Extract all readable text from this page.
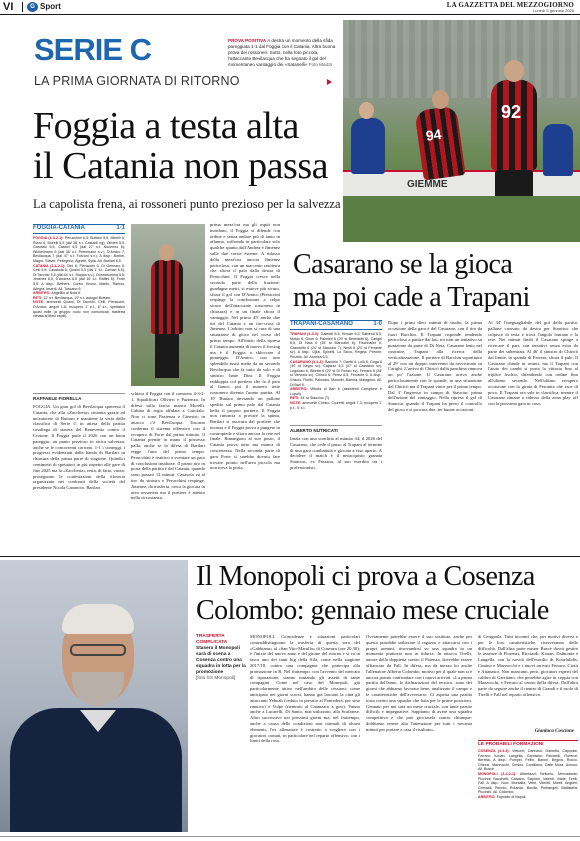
VI	G Sport	LA GAZZETTA DEL MEZZOGIORNO
Lunedì 5 gennaio 2026
SERIE C
LA PRIMA GIORNATA DI RITORNO
PROVA POSITIVA A destra un momento della sfida pareggiata 1-1 dal Foggia con il Catania. Altra buona prova dei rossoneri. Sotto, nella foto piccola, l'attaccante Bevilacqua che ha segnato il gol del momentaneo vantaggio dei «Satanelli» Foto Maizzi
GIEMME
92
94
Foggia a testa alta
il Catania non passa
La capolista frena, ai rossoneri punto prezioso per la salvezza
FOGGIA-CATANIA	1-1
FOGGIA (4-3-2-1): Perucchini 6,5; Buttaro 5,5, Minelli 6, Rizzo 6, Morelli 5,5 (dal 38' s.t. Castaldi ng); Olivieri 5,5, Garofalo 6,5, Castori 6,5 (dal 27' s.t. Nocerino 6); Winkelmann 6 (dal 38' s.t. Petermann s.v.), D'Amico 7; Bevilacqua 7 (dal 47' s.t. Forconi s.v.). A disp.: Borbei, Magro, Staver, Pellegrino, Agnelli, Sylla. All. Barilari 6,5.
CATANIA (3-4-2-1): Dini 6; Pieraccini 6, Di Gennaro 6, Celli 5,5; Casasola 6, Quaini 5,5 (dal 1' s.t. Corbari 5,5), Di Tacchio 5,5 (dal 44' s.t. Stoppa s.v.), Donnarumma 5,5; Jimenez 6,5, D'Andrea 6,5 (dal 16' s.t. Raffini 6); Forte 5,5. A disp.: Bethers, Corbo, Bruno, Martic, Ramos, Allegra, Ierardi. All. Toscano 6.
ARBITRO: Angelillo di Nola 6.
RETI: 12' s.t. Bevilacqua, 19' s.t. autogol Buttaro.
NOTE: ammoniti Quaini, Di Tacchio, Celli, Pieraccini, D'Amico; angoli 1-8; recupero 1' p.t., 6' s.t.; spettatori quasi mille (a gruppo ruolo non comunicati, trasferta vietata ai tifosi ospiti).
RAFFAELE FIORELLA
FOGGIA. Un gran gol di Bevilacqua spaventa il Catania, che alla «Zaccheria» rimonta grazie ad un'autorete di Buttaro e mantiene la vetta della classifica di Serie C in attesa della partita casalinga di stasera del Benevento contro il Crotone. Il Foggia parte il 2026 con un buon pareggio, un punto prezioso in ottica salvezza, anche se le concorrenti corrono. 1-1 i conteggi, i progressi evidenziati dalla banda di Barilari in chiusura della prima parte di stagione. Quindici centimetri di spettatori in più rispetto alle gare di fine 2025 ma la «Zaccheria» resta, di fatto, vuota: proseguono le contestazioni della tifoseria organizzata nei confronti della società del presidente Nicola Canonico. Barilari
schiera il Foggia con il consueto 4-3-2-1. Squalificati Olivieri e Pazienza. In difesa sulla fascia manca Morelli. Cabina di regia affidata a Garofalo. Non ci sono Pazienza e Ginestri; in attacco c'è Bevilacqua. Toscano conferma il sistema offensivo con il recupero di Forte dal primo minuto. Il Catania prende in mano il possesso palla, anche se la difesa di Barilari regge l'urto del primo tempo. Perucchini è reattivo a sventare un paio di conclusioni insidiose. Il primo tiro in porta della partita è del Catania, quando sono passati 12 minuti: Casasola va al tiro da sinistra e Perucchini respinge. Jimenez, da trasferta, cerca la giocata in area rossonera ma il portiere è attento nella circostanza.
prima mezz'ora ma gli ospiti non mordono, il Foggia si difende con ordine e senza andare più di tanto in affanno, soffrendo in particolare solo qualche spunto dall'Andrea e Jimenez sulle due corsie esterne. A ridosso della mezz'ora ancora Jimenez pericoloso, con un maccmio rasoterra che sfiora il palo dalla destra di Perucchini. Il Foggia cresce nella seconda parte della frazione: guadagna metri, si muove più sicuro, sfiora il gol con D'Amico (Pieraccini respinge la conclusione a colpo sicuro dell'attaccante rossonero in chiusura) e in un finale sfiora il vantaggio. Nel primo 45' anche due tiri del Catania e un tiro-cross di Jimenez. L'arbitro non si cura di una situazione di gioco nel corso del primo tempo. All'inizio della ripresa il Catania aumenta di nuovo il forcing ma è il Foggia a sbloccare il punteggio. D'Amico, con uno splendido assist mette da un secondo Bevilacqua che fa tutto da solo e di sinistro batte Dini. Il Foggia raddoppia col portiere che fa il paio al fianco, poi il numero sette rossonero diventa l'uomo partita. Al 19' Buttaro deviando un pallone spedito sul primo palo dal Catania beffa il proprio portiere. Il Foggia non rinuncia a provare la spinta, Barilari si assicura dal portiere che incassa e il Foggia prova a pungere in contropiede e sfiora ancora la rete nel finale. Rimangono al suo posto, il Catania prova tutto ma manca di concretezza. Nella seconda parte di gara Forte si sarebbe dovuto fare trovare pronto nell'area piccola ma non trova la porta.
Casarano se la gioca
ma poi cade a Trapani
TRAPANI-CASARANO	1-0
TRAPANI (4-3-3): Galeotti 6,5; Kirwan 6,5, Salvesti 6,5, Motoc 6, Giron 6; Palmieri 6 (29' st Benedetti 6), Carighi 6,5, Di Noia 6 (35' st Marcolini 6); Fischnaller 6, Grandolfo 6 (24' st Stauciuc 7), Nesti 6 (24' st Ferrante sv). A disp.: Ujka, Spinelli, Lo Sicco, Regina, Pirrone, Pinzolo. All. Aronica 6,5.
CASARANO (3-4-3): Bacchin 7; Gaetti 6, Lulli 6, Goga 6 (30' st Negro sv); Cajazzo 6,5 (37' st Cassiano sv), Logoluso 6, Billetta 6 (29' st Di Ronzo sv), Ferrara 6 (28' st Venezia sv), Chiricò 6; Perez 6,5, Ferrante 6. A disp.: Chiuco, Fiorilli, Palumbo, Mounibi, Bamba, Malagrino. All. Di Bari 6.
ARBITRO: Vittoria di Bari 6 (assistenti Campione e Lupoli).
RETI: 34' st Stauciuc (T).
NOTE: ammoniti Chirico, Ciciretti; angoli 7-3; recupero 1' p.t., 5' s.t.
ALBERTO NUTRICATI
Inizia con una sconfitta al minuto 34, il 2026 del Casarano, che cede il passo al Trapani al termine di una gara combattuta e giocata a viso aperto. A decidere il match è il neoacquisto granata Stauciuc, ex Fassano, al suo esordito tra i professionisti.
Dopo i primi dieci minuti di studio, la prima occasione della gara è del Casarano, con il tiro da fuori Bacchin. Il Trapani risponde rendendo pericoloso a partire dai lati, tra tutti un tentativo su punizione da parte di Di Noia. Casarano lento nel costruire, Trapani alla ricerca della verticalizzazione. Il portiere di Bacchin soprattutto al 29' con un doppio intervento da ravvicinato su Carighi. L'arrivo di Chiricò dalla panchina rinnova un po' l'azione. Il Casarano arriva anche pericolosamente con le sponde, in una situazione del Chiricò ma il Trapani vince per il primo tempo. Dal 3' l'ingresso in campo di Stauciuc prima dell'azione del vantaggio. Nella ripresa il gol di Stauciuc quando il Trapani ha preso il controllo del gioco e si procura due, tre buone occasioni.
Al 34' l'ineguagliabile del gol della partita: pallone crossato da destra per Stauciuc che colpisce di testa e trova l'angolo lontano e la rete. Nei minuti finali il Casarano spinge a ricercare il pari, con tentativi senza esito da parte dei subentrati. Al 46' il sinistro di Chiricò dal limite, in sponda di Ferrara, sfiora il palo. Il Casarano chiude in avanti, ma il Trapani con l'aiuto dei cambi si porta la vittoria fino al triplice fischio, difendendo con ordine fino all'ultimo secondo. Nell'ultimo recupero occasione con la girata di Ferrante che esce di poco. Il Trapani ora sale in classifica, mentre il Casarano rimane a ridosso della zona play off con la prossima gara in casa.
Il Monopoli ci prova a Cosenza
Colombo: gennaio mese cruciale
TRASFERTA COMPLICATA
Stasera il Monopoli sarà di scena a Cosenza contro una squadra in lotta per la promozione
[foto SS Monopoli]
MONOPOLI. Coincidenze e situazioni particolari contraddistinguono la trasferta di questa sera del «Gabbiano» al «San Vito-Marulla» di Cosenza (ore 20,30): è l'inizio del nuovo anno e del girone del ritorno e si va in tasca uno dei tanti big della Sila, come nella stagione 2017/18, contro una compagine che partecipa alla promozione in B. Nel frattempo, con l'avvento del mercato di riparazione, stanno mutando gli assetti di tante compagini. Come nel caso del Monopoli, già particolarmente attivo nell'ambito delle cessioni: come anticipato nei giorni scorsi, hanno già lasciato la città gli attaccanti Yeboah (ceduto in prestito al Pontedera, per sino rinnovo) e Volpe (rientrato al Catanzaro a giro). Vanno anche a Lucatelli, Di Santo, mai utilizzato, alla Scafatese. Altro successivo nei prossimi giorni ma, nel frattempo, anche a causa delle condizioni non ottimali di alcuni elementi, l'ex allenatore è costretto a scegliere con i giocatori contati, in particolare nel reparto offensivo, con i limiti della rosa.
Ovviamente potrebbe essere il suo sostituto, anche per questo potrebbe utilizzare il ragazzo e attaccarsi con i propri uomini, ritrovandosi su una squadra in un momento piuttosto non in fiducia. In attacco Tirelli, autore della doppietta contro il Potenza, dovrebbe essere affiancato da Fall. In difesa, ma da mezzo ko anche l'allenatore Alberto Colombo, motivo per il quale non si è ancora potuto confrontare con i nuovi arrivati. «La prima partita dell'anno, le dichiarazioni del tecnico: sono dei giorni che abbiamo lavorato bene, analizzato il campo e le caratteristiche dell'avversario. Ci aspetta una partita tosta contro una squadra che lotta per le prime posizioni. Gennaio per noi sarà un mese cruciale, con tante partite difficili e impegnative. Sappiamo di avere una squadra competitiva e che può giocarsela contro chiunque: dobbiamo tenere alta l'attenzione per tutti i novanta minuti per portare a casa il risultato».
di Cerignola. Tutti incontri che, per motivi diversi e per le loro caratteristiche, riserveranno delle difficoltà. Dall'altra parte mister Buscè dovrà gestire le assenze di Florenzi, Ricciardi, Kouan, Dalmonte e Langella, con la novità dell'esordio di Kourfalidis, Cimino e Mazzocchi e i nuovi arrivati Ferraro, Ciotti e Attanasio. Non mancano, però, giocatori esperti del calibro di Garritano, che potrebbe agire in coppia con Mazzocchi, e Ferraro al centro della difesa. Dall'altra parte da seguire anche il rientro di Grandi e il ruolo di Tirelli e Fall nel reparto offensivo.
Gianluca Coscione
LE PROBABILI FORMAZIONI
COSENZA (4-3-3): Vettorel; Cannavò, Dametto, Caporale, Ferraro; Kouan, Langella, Garritano; Ricciardi, Florenzi, Beretta. A disp.: Pompei, Fellin, Baroni, Begino, Rocco, Ghezzi, Mazzocchi, Cimino, Contiliano, Dalle Mura, Achour. All. Buscè.
MONOPOLI (3-4-2-1): Albertazzi; Bellomo, Mercadante, Piccinni; Bacchetti, Calvano, Scipioni, Valenti; Vitale; Tirelli, Fall. A disp.: Novi, Montalto, Veltri, Viteritti, Miceli, Angileri, Grimaldi, Rebolo, Rolando, Bordin, Pietrangeli, Battistella, Piccinini. All. Colombo.
ARBITRO: Esposito di Napoli.
